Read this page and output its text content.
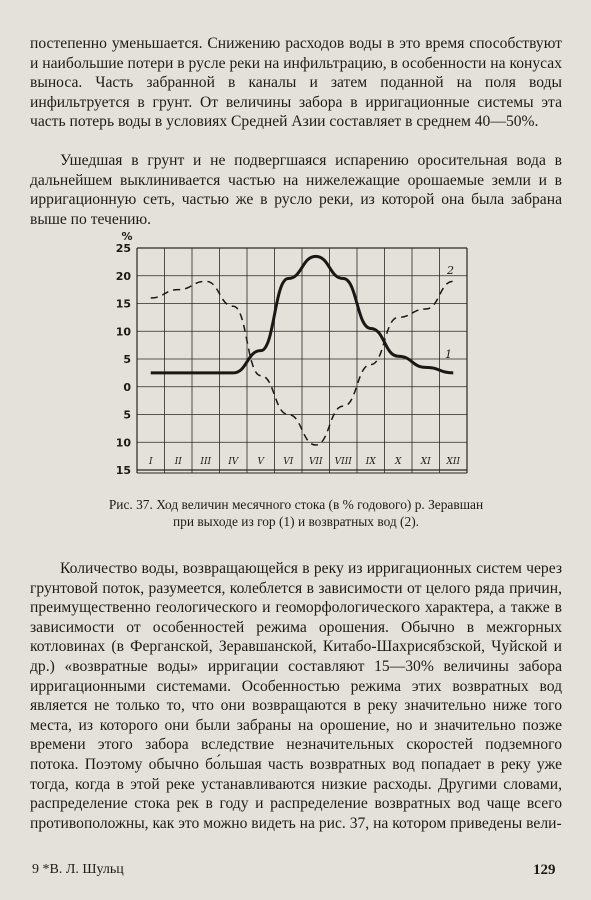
постепенно уменьшается. Снижению расходов воды в это время способствуют и наибольшие потери в русле реки на инфильтрацию, в особенности на конусах выноса. Часть забранной в каналы и затем поданной на поля воды инфильтруется в грунт. От величины забора в ирригационные системы эта часть потерь воды в условиях Средней Азии составляет в среднем 40—50%.

Ушедшая в грунт и не подвергшаяся испарению оросительная вода в дальнейшем выклинивается частью на нижележащие орошаемые земли и в ирригационную сеть, частью же в русло реки, из которой она была забрана выше по течению.

25
20
15
10
5
0
5
10
15
%
I II III IV V VI VII VIII IX X XI XII
1
2

Рис. 37. Ход величин месячного стока (в % годового) р. Зеравшан при выходе из гор (1) и возвратных вод (2).

Количество воды, возвращающейся в реку из ирригационных систем через грунтовой поток, разумеется, колеблется в зависимости от целого ряда причин, преимущественно геологического и геоморфологического характера, а также в зависимости от особенностей режима орошения. Обычно в межгорных котловинах (в Ферганской, Зеравшанской, Китабо-Шахрисябзской, Чуйской и др.) «возвратные воды» ирригации составляют 15—30% величины забора ирригационными системами. Особенностью режима этих возвратных вод является не только то, что они возвращаются в реку значительно ниже того места, из которого они были забраны на орошение, но и значительно позже времени этого забора вследствие незначительных скоростей подземного потока. Поэтому обычно бо́льшая часть возвратных вод попадает в реку уже тогда, когда в этой реке устанавливаются низкие расходы. Другими словами, распределение стока рек в году и распределение возвратных вод чаще всего противоположны, как это можно видеть на рис. 37, на котором приведены вели-

9 *В. Л. Шульц	129
